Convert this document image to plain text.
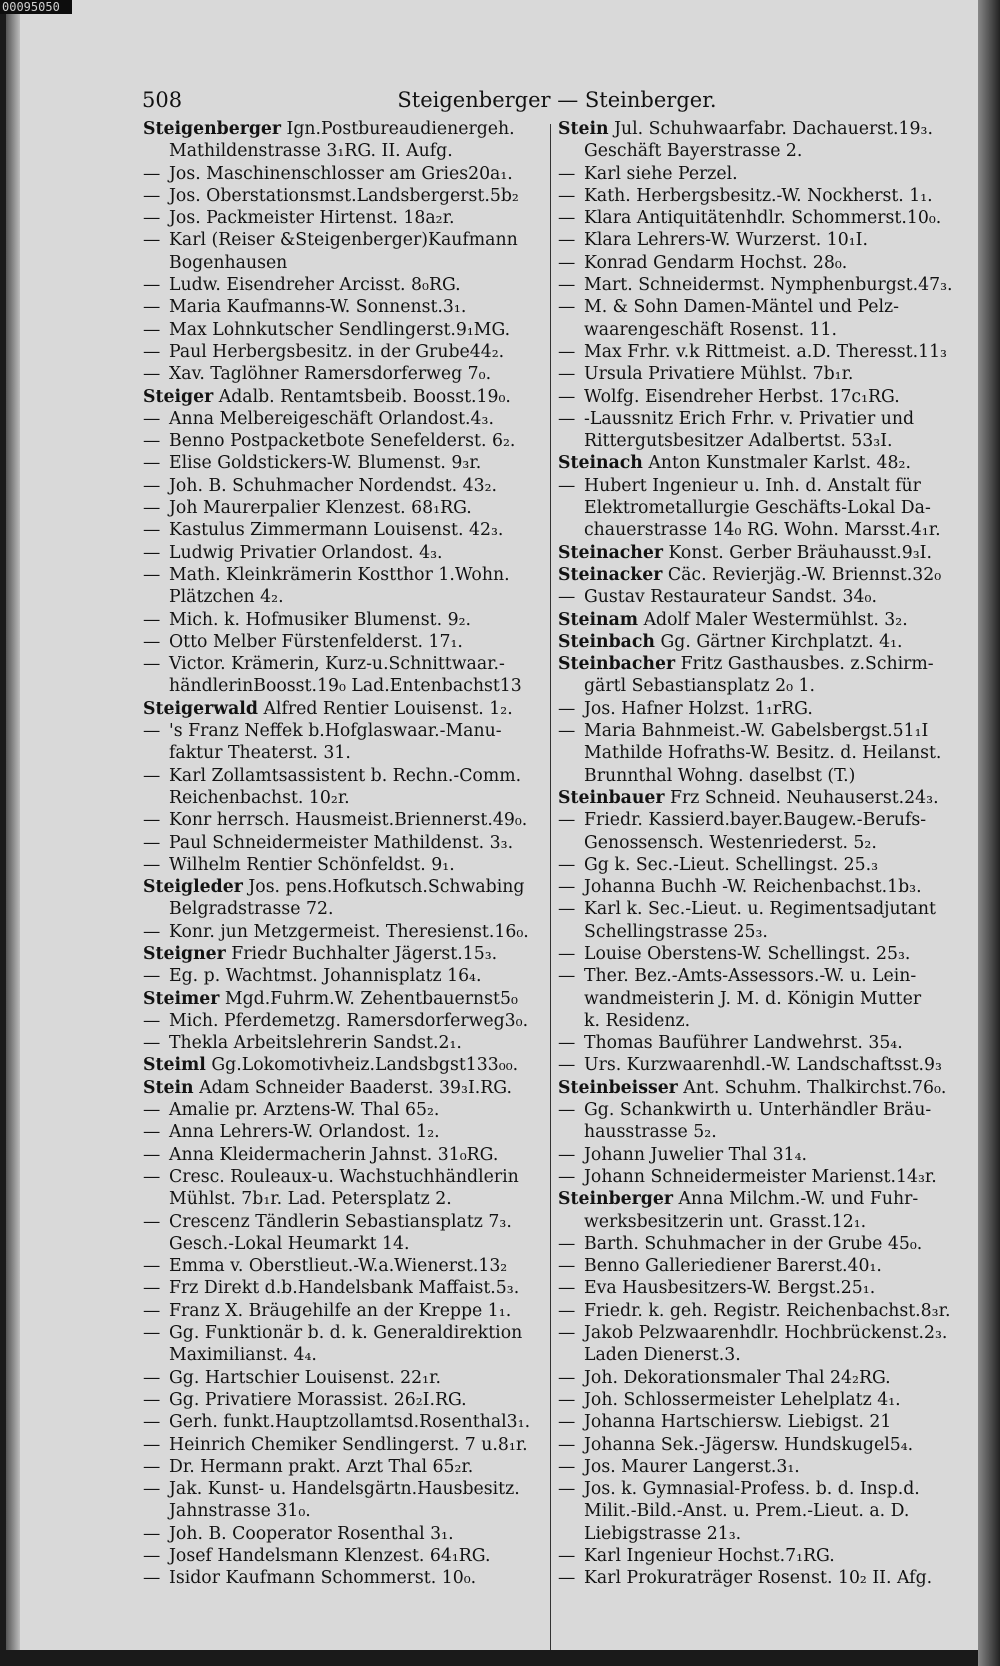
508	Steigenberger — Steinberger.
Steigenberger Ign.Postbureaudienergeh.
Mathildenstrasse 3₁RG. II. Aufg.
— Jos. Maschinenschlosser am Gries20a₁.
— Jos. Oberstationsmst.Landsbergerst.5b₂
— Jos. Packmeister Hirtenst. 18a₂r.
— Karl (Reiser &Steigenberger)Kaufmann
Bogenhausen
— Ludw. Eisendreher Arcisst. 8₀RG.
— Maria Kaufmanns-W. Sonnenst.3₁.
— Max Lohnkutscher Sendlingerst.9₁MG.
— Paul Herbergsbesitz. in der Grube44₂.
— Xav. Taglöhner Ramersdorferweg 7₀.
Steiger Adalb. Rentamtsbeib. Boosst.19₀.
— Anna Melbereigeschäft Orlandost.4₃.
— Benno Postpacketbote Senefelderst. 6₂.
— Elise Goldstickers-W. Blumenst. 9₃r.
— Joh. B. Schuhmacher Nordendst. 43₂.
— Joh Maurerpalier Klenzest. 68₁RG.
— Kastulus Zimmermann Louisenst. 42₃.
— Ludwig Privatier Orlandost. 4₃.
— Math. Kleinkrämerin Kostthor 1.Wohn.
Plätzchen 4₂.
— Mich. k. Hofmusiker Blumenst. 9₂.
— Otto Melber Fürstenfelderst. 17₁.
— Victor. Krämerin, Kurz-u.Schnittwaar.-
händlerinBoosst.19₀ Lad.Entenbachst13
Steigerwald Alfred Rentier Louisenst. 1₂.
— 's Franz Neffek b.Hofglaswaar.-Manu-
faktur Theaterst. 31.
— Karl Zollamtsassistent b. Rechn.-Comm.
Reichenbachst. 10₂r.
— Konr herrsch. Hausmeist.Briennerst.49₀.
— Paul Schneidermeister Mathildenst. 3₃.
— Wilhelm Rentier Schönfeldst. 9₁.
Steigleder Jos. pens.Hofkutsch.Schwabing
Belgradstrasse 72.
— Konr. jun Metzgermeist. Theresienst.16₀.
Steigner Friedr Buchhalter Jägerst.15₃.
— Eg. p. Wachtmst. Johannisplatz 16₄.
Steimer Mgd.Fuhrm.W. Zehentbauernst5₀
— Mich. Pferdemetzg. Ramersdorferweg3₀.
— Thekla Arbeitslehrerin Sandst.2₁.
Steiml Gg.Lokomotivheiz.Landsbgst133₀₀.
Stein Adam Schneider Baaderst. 39₃I.RG.
— Amalie pr. Arztens-W. Thal 65₂.
— Anna Lehrers-W. Orlandost. 1₂.
— Anna Kleidermacherin Jahnst. 31₀RG.
— Cresc. Rouleaux-u. Wachstuchhändlerin
Mühlst. 7b₁r. Lad. Petersplatz 2.
— Crescenz Tändlerin Sebastiansplatz 7₃.
Gesch.-Lokal Heumarkt 14.
— Emma v. Oberstlieut.-W.a.Wienerst.13₂
— Frz Direkt d.b.Handelsbank Maffaist.5₃.
— Franz X. Bräugehilfe an der Kreppe 1₁.
— Gg. Funktionär b. d. k. Generaldirektion
Maximilianst. 4₄.
— Gg. Hartschier Louisenst. 22₁r.
— Gg. Privatiere Morassist. 26₂I.RG.
— Gerh. funkt.Hauptzollamtsd.Rosenthal3₁.
— Heinrich Chemiker Sendlingerst. 7 u.8₁r.
— Dr. Hermann prakt. Arzt Thal 65₂r.
— Jak. Kunst- u. Handelsgärtn.Hausbesitz.
Jahnstrasse 31₀.
— Joh. B. Cooperator Rosenthal 3₁.
— Josef Handelsmann Klenzest. 64₁RG.
— Isidor Kaufmann Schommerst. 10₀.
Stein Jul. Schuhwaarfabr. Dachauerst.19₃.
Geschäft Bayerstrasse 2.
— Karl siehe Perzel.
— Kath. Herbergsbesitz.-W. Nockherst. 1₁.
— Klara Antiquitätenhdlr. Schommerst.10₀.
— Klara Lehrers-W. Wurzerst. 10₁I.
— Konrad Gendarm Hochst. 28₀.
— Mart. Schneidermst. Nymphenburgst.47₃.
— M. & Sohn Damen-Mäntel und Pelz-
waarengeschäft Rosenst. 11.
— Max Frhr. v.k Rittmeist. a.D. Theresst.11₃
— Ursula Privatiere Mühlst. 7b₁r.
— Wolfg. Eisendreher Herbst. 17c₁RG.
— -Laussnitz Erich Frhr. v. Privatier und
Rittergutsbesitzer Adalbertst. 53₃I.
Steinach Anton Kunstmaler Karlst. 48₂.
— Hubert Ingenieur u. Inh. d. Anstalt für
Elektrometallurgie Geschäfts-Lokal Da-
chauerstrasse 14₀ RG. Wohn. Marsst.4₁r.
Steinacher Konst. Gerber Bräuhausst.9₃I.
Steinacker Cäc. Revierjäg.-W. Briennst.32₀
— Gustav Restaurateur Sandst. 34₀.
Steinam Adolf Maler Westermühlst. 3₂.
Steinbach Gg. Gärtner Kirchplatzt. 4₁.
Steinbacher Fritz Gasthausbes. z.Schirm-
gärtl Sebastiansplatz 2₀ 1.
— Jos. Hafner Holzst. 1₁rRG.
— Maria Bahnmeist.-W. Gabelsbergst.51₁I
Mathilde Hofraths-W. Besitz. d. Heilanst.
Brunnthal Wohng. daselbst (T.)
Steinbauer Frz Schneid. Neuhauserst.24₃.
— Friedr. Kassierd.bayer.Baugew.-Berufs-
Genossensch. Westenriederst. 5₂.
— Gg k. Sec.-Lieut. Schellingst. 25.₃
— Johanna Buchh -W. Reichenbachst.1b₃.
— Karl k. Sec.-Lieut. u. Regimentsadjutant
Schellingstrasse 25₃.
— Louise Oberstens-W. Schellingst. 25₃.
— Ther. Bez.-Amts-Assessors.-W. u. Lein-
wandmeisterin J. M. d. Königin Mutter
k. Residenz.
— Thomas Bauführer Landwehrst. 35₄.
— Urs. Kurzwaarenhdl.-W. Landschaftsst.9₃
Steinbeisser Ant. Schuhm. Thalkirchst.76₀.
— Gg. Schankwirth u. Unterhändler Bräu-
hausstrasse 5₂.
— Johann Juwelier Thal 31₄.
— Johann Schneidermeister Marienst.14₃r.
Steinberger Anna Milchm.-W. und Fuhr-
werksbesitzerin unt. Grasst.12₁.
— Barth. Schuhmacher in der Grube 45₀.
— Benno Galleriediener Barerst.40₁.
— Eva Hausbesitzers-W. Bergst.25₁.
— Friedr. k. geh. Registr. Reichenbachst.8₃r.
— Jakob Pelzwaarenhdlr. Hochbrückenst.2₃.
Laden Dienerst.3.
— Joh. Dekorationsmaler Thal 24₂RG.
— Joh. Schlossermeister Lehelplatz 4₁.
— Johanna Hartschiersw. Liebigst. 21
— Johanna Sek.-Jägersw. Hundskugel5₄.
— Jos. Maurer Langerst.3₁.
— Jos. k. Gymnasial-Profess. b. d. Insp.d.
Milit.-Bild.-Anst. u. Prem.-Lieut. a. D.
Liebigstrasse 21₃.
— Karl Ingenieur Hochst.7₁RG.
— Karl Prokuraträger Rosenst. 10₂ II. Afg.
00095050
